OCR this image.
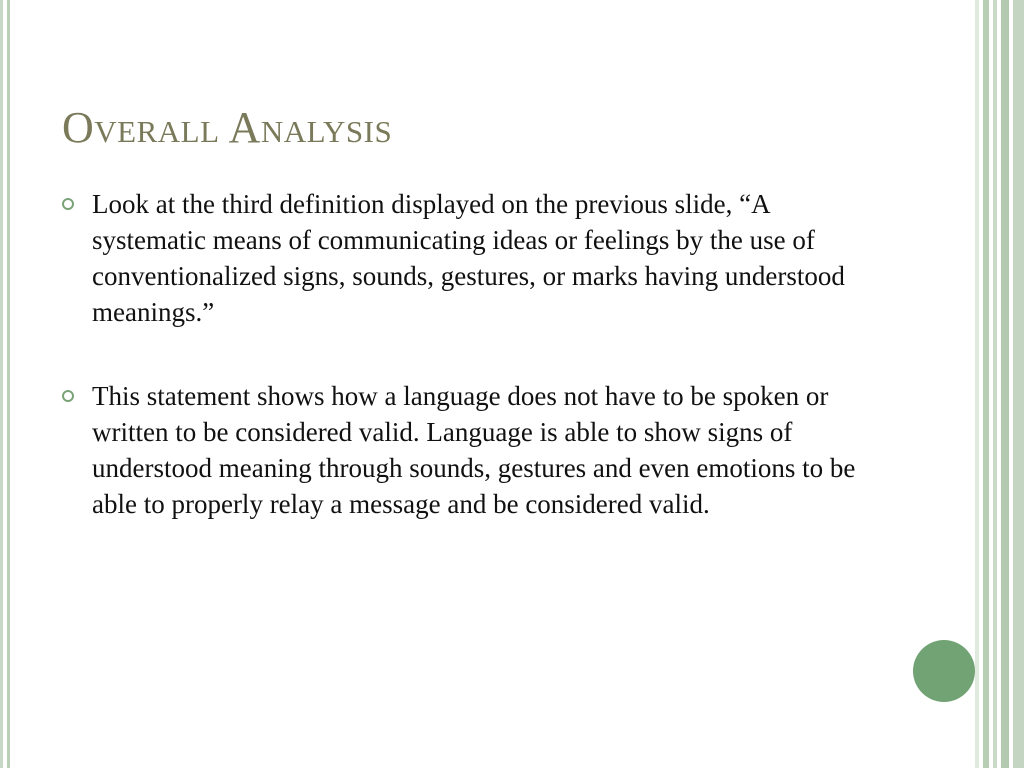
Overall Analysis
Look at the third definition displayed on the previous slide, “A systematic means of communicating ideas or feelings by the use of conventionalized signs, sounds, gestures, or marks having understood meanings.”
This statement shows how a language does not have to be spoken or written to be considered valid. Language is able to show signs of understood meaning through sounds, gestures and even emotions to be able to properly relay a message and be considered valid.
